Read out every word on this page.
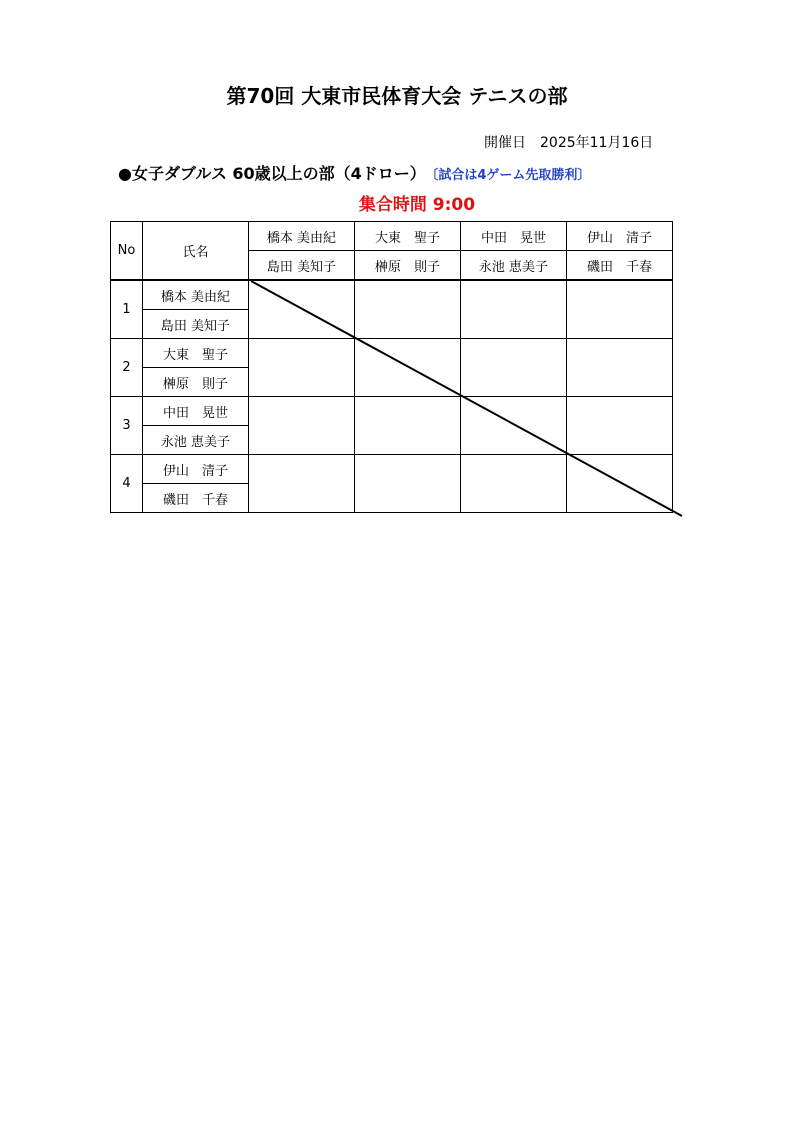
第70回 大東市民体育大会 テニスの部
開催日　2025年11月16日
●女子ダブルス 60歳以上の部（4ドロー） 〔試合は4ゲーム先取勝利〕
集合時間 9:00
No	氏名	橋本 美由紀	大東　聖子	中田　晃世	伊山　清子
		島田 美知子	榊原　則子	永池 恵美子	磯田　千春
1	橋本 美由紀				
	島田 美知子				
2	大東　聖子				
	榊原　則子				
3	中田　晃世				
	永池 恵美子				
4	伊山　清子				
	磯田　千春				
